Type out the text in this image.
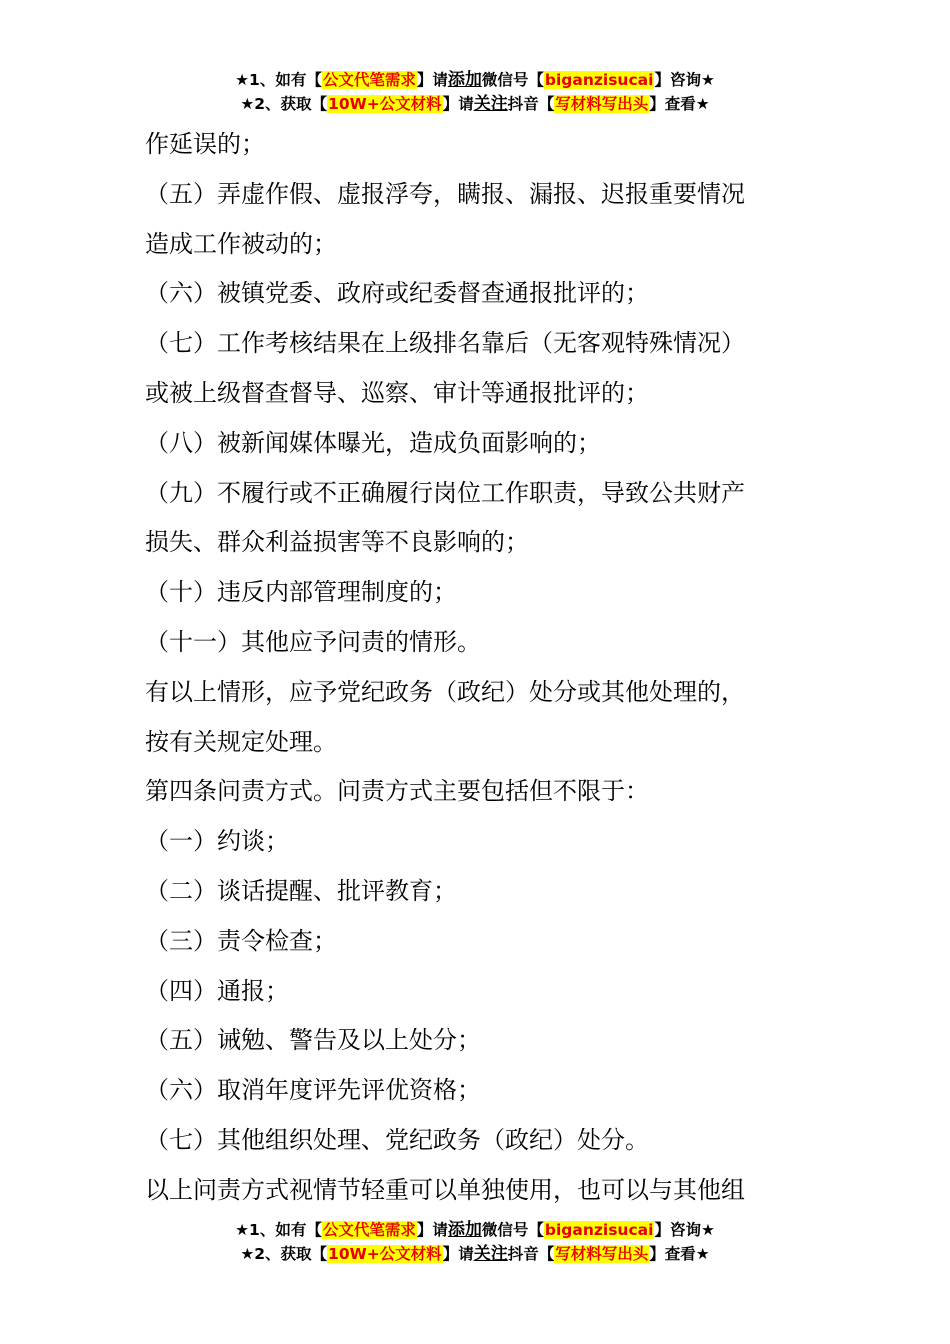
★1、如有【公文代笔需求】请添加微信号【biganzisucai】咨询★
★2、获取【10W+公文材料】请关注抖音【写材料写出头】查看★

作延误的；

（五）弄虚作假、虚报浮夸，瞒报、漏报、迟报重要情况

造成工作被动的；

（六）被镇党委、政府或纪委督查通报批评的；

（七）工作考核结果在上级排名靠后（无客观特殊情况）

或被上级督查督导、巡察、审计等通报批评的；

（八）被新闻媒体曝光，造成负面影响的；

（九）不履行或不正确履行岗位工作职责，导致公共财产

损失、群众利益损害等不良影响的；

（十）违反内部管理制度的；

（十一）其他应予问责的情形。

有以上情形，应予党纪政务（政纪）处分或其他处理的，

按有关规定处理。

第四条问责方式。问责方式主要包括但不限于：

（一）约谈；

（二）谈话提醒、批评教育；

（三）责令检查；

（四）通报；

（五）诫勉、警告及以上处分；

（六）取消年度评先评优资格；

（七）其他组织处理、党纪政务（政纪）处分。

以上问责方式视情节轻重可以单独使用，也可以与其他组

★1、如有【公文代笔需求】请添加微信号【biganzisucai】咨询★
★2、获取【10W+公文材料】请关注抖音【写材料写出头】查看★
